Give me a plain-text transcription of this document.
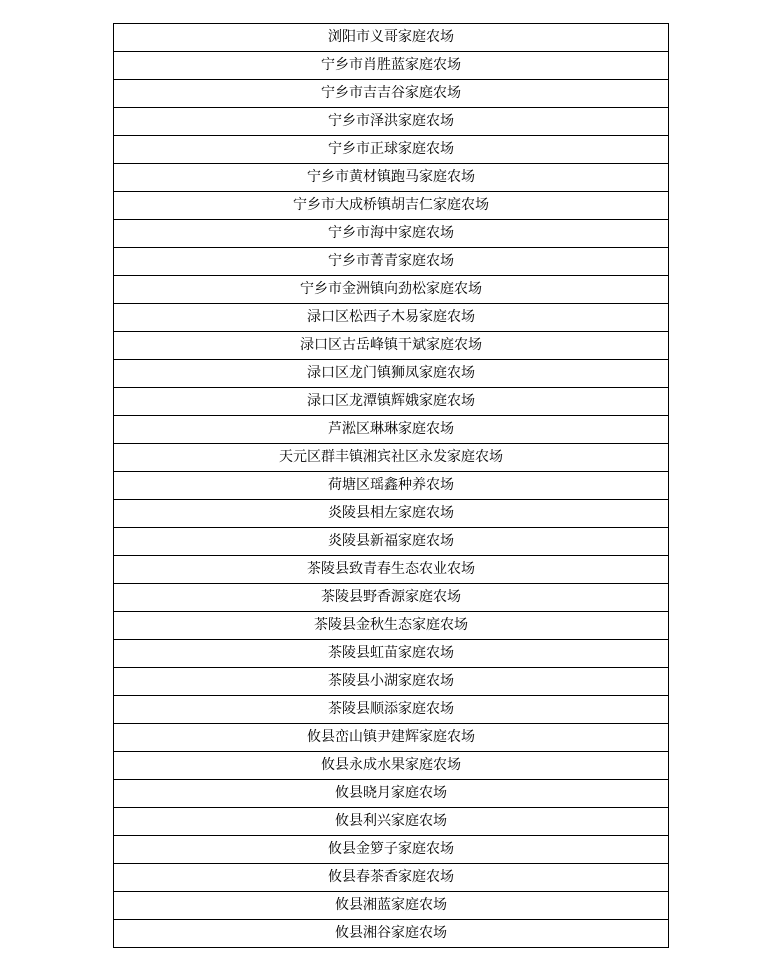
浏阳市义哥家庭农场
宁乡市肖胜蓝家庭农场
宁乡市吉吉谷家庭农场
宁乡市泽洪家庭农场
宁乡市正球家庭农场
宁乡市黄材镇跑马家庭农场
宁乡市大成桥镇胡吉仁家庭农场
宁乡市海中家庭农场
宁乡市菁青家庭农场
宁乡市金洲镇向劲松家庭农场
渌口区松西子木易家庭农场
渌口区古岳峰镇干斌家庭农场
渌口区龙门镇狮凤家庭农场
渌口区龙潭镇辉娥家庭农场
芦淞区琳琳家庭农场
天元区群丰镇湘宾社区永发家庭农场
荷塘区瑶鑫种养农场
炎陵县相左家庭农场
炎陵县新福家庭农场
茶陵县致青春生态农业农场
茶陵县野香源家庭农场
茶陵县金秋生态家庭农场
茶陵县虹苗家庭农场
茶陵县小湖家庭农场
茶陵县顺添家庭农场
攸县峦山镇尹建辉家庭农场
攸县永成水果家庭农场
攸县晓月家庭农场
攸县利兴家庭农场
攸县金箩子家庭农场
攸县春茶香家庭农场
攸县湘蓝家庭农场
攸县湘谷家庭农场
